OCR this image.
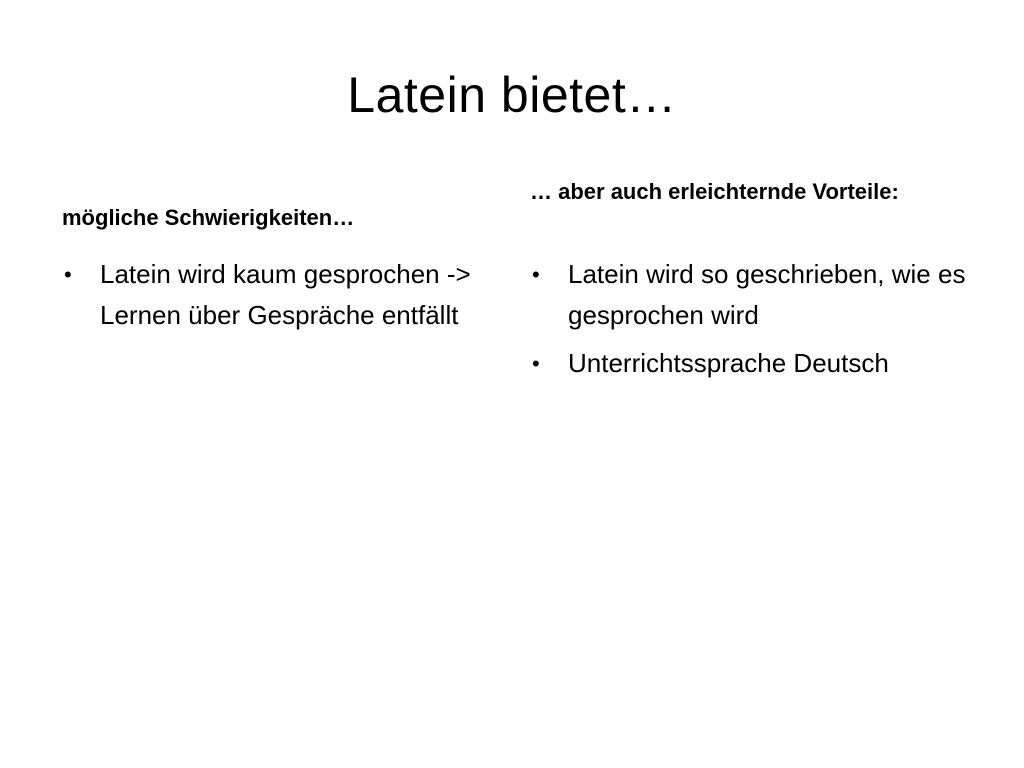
Latein bietet…
mögliche Schwierigkeiten…
• Latein wird kaum gesprochen -> Lernen über Gespräche entfällt
… aber auch erleichternde Vorteile:
• Latein wird so geschrieben, wie es gesprochen wird
• Unterrichtssprache Deutsch
